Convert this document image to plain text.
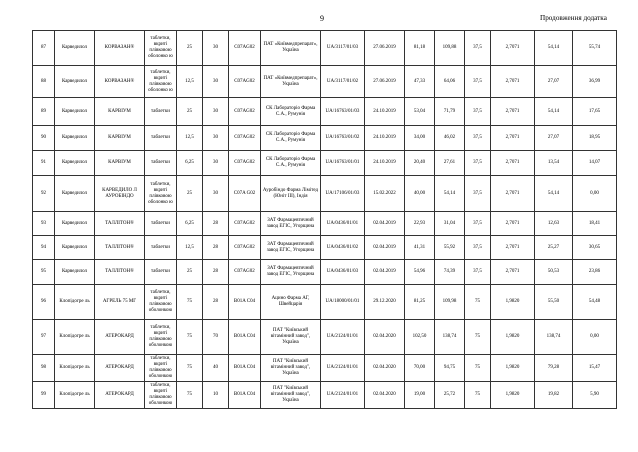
9	Продовження додатка
87	Карведилол	КОРВАЗАН®	таблетки, вкриті плівковою оболонко ю	25	30	C07AG02	ПАТ «Київмедпрепарат», Україна	UA/3117/01/03	27.06.2019	81,18	109,88	37,5	2,7071	54,14	55,74
88	Карведилол	КОРВАЗАН®	таблетки, вкриті плівковою оболонко ю	12,5	30	C07AG02	ПАТ «Київмедпрепарат», Україна	UA/3117/01/02	27.06.2019	47,33	64,06	37,5	2,7071	27,07	36,99
89	Карведилол	КАРВІУМ	таблетки	25	30	C07AG02	СК Лабораторіо Фарма С.А., Румунія	UA/16763/01/03	24.10.2019	53,04	71,79	37,5	2,7071	54,14	17,65
90	Карведилол	КАРВІУМ	таблетки	12,5	30	C07AG02	СК Лабораторіо Фарма С.А., Румунія	UA/16763/01/02	24.10.2019	34,00	46,02	37,5	2,7071	27,07	18,95
91	Карведилол	КАРВІУМ	таблетки	6,25	30	C07AG02	СК Лабораторіо Фарма С.А., Румунія	UA/16763/01/01	24.10.2019	20,40	27,61	37,5	2,7071	13,54	14,07
92	Карведилол	КАРВЕДИЛО Л АУРОБІНДО	таблетки, вкриті плівковою оболонко ю	25	30	C07A G02	Ауробіндо Фарма Лімітед (Юніт III), Індія	UA/17106/01/03	15.02.2022	40,00	54,14	37,5	2,7071	54,14	0,00
93	Карведилол	ТАЛЛІТОН®	таблетки	6,25	28	C07AG02	ЗАТ Фармацевтичний завод ЕГІС, Угорщина	UA/0436/01/01	02.04.2019	22,93	31,04	37,5	2,7071	12,63	18,41
94	Карведилол	ТАЛЛІТОН®	таблетки	12,5	28	C07AG02	ЗАТ Фармацевтичний завод ЕГІС, Угорщина	UA/0436/01/02	02.04.2019	41,31	55,92	37,5	2,7071	25,27	30,65
95	Карведилол	ТАЛЛІТОН®	таблетки	25	28	C07AG02	ЗАТ Фармацевтичний завод ЕГІС, Угорщина	UA/0436/01/03	02.04.2019	54,96	74,39	37,5	2,7071	50,53	23,86
96	Клопідогре ль	АГРЕЛЬ 75 МГ	таблетки, вкриті плівковою оболонкою	75	28	B01A C04	Ацино Фарма АГ, Швейцарія	UA/18000/01/01	29.12.2020	81,25	109,98	75	1,9820	55,50	54,48
97	Клопідогре ль	АТЕРОКАРД	таблетки, вкриті плівковою оболонкою	75	70	B01A C04	ПАТ "Київський вітамінний завод", Україна	UA/2124/01/01	02.04.2020	102,50	138,74	75	1,9820	138,74	0,00
98	Клопідогре ль	АТЕРОКАРД	таблетки, вкриті плівковою оболонкою	75	40	B01A C04	ПАТ "Київський вітамінний завод", Україна	UA/2124/01/01	02.04.2020	70,00	94,75	75	1,9820	79,28	15,47
99	Клопідогре ль	АТЕРОКАРД	таблетки, вкриті плівковою оболонкою	75	10	B01A C04	ПАТ "Київський вітамінний завод", Україна	UA/2124/01/01	02.04.2020	19,00	25,72	75	1,9820	19,82	5,90
